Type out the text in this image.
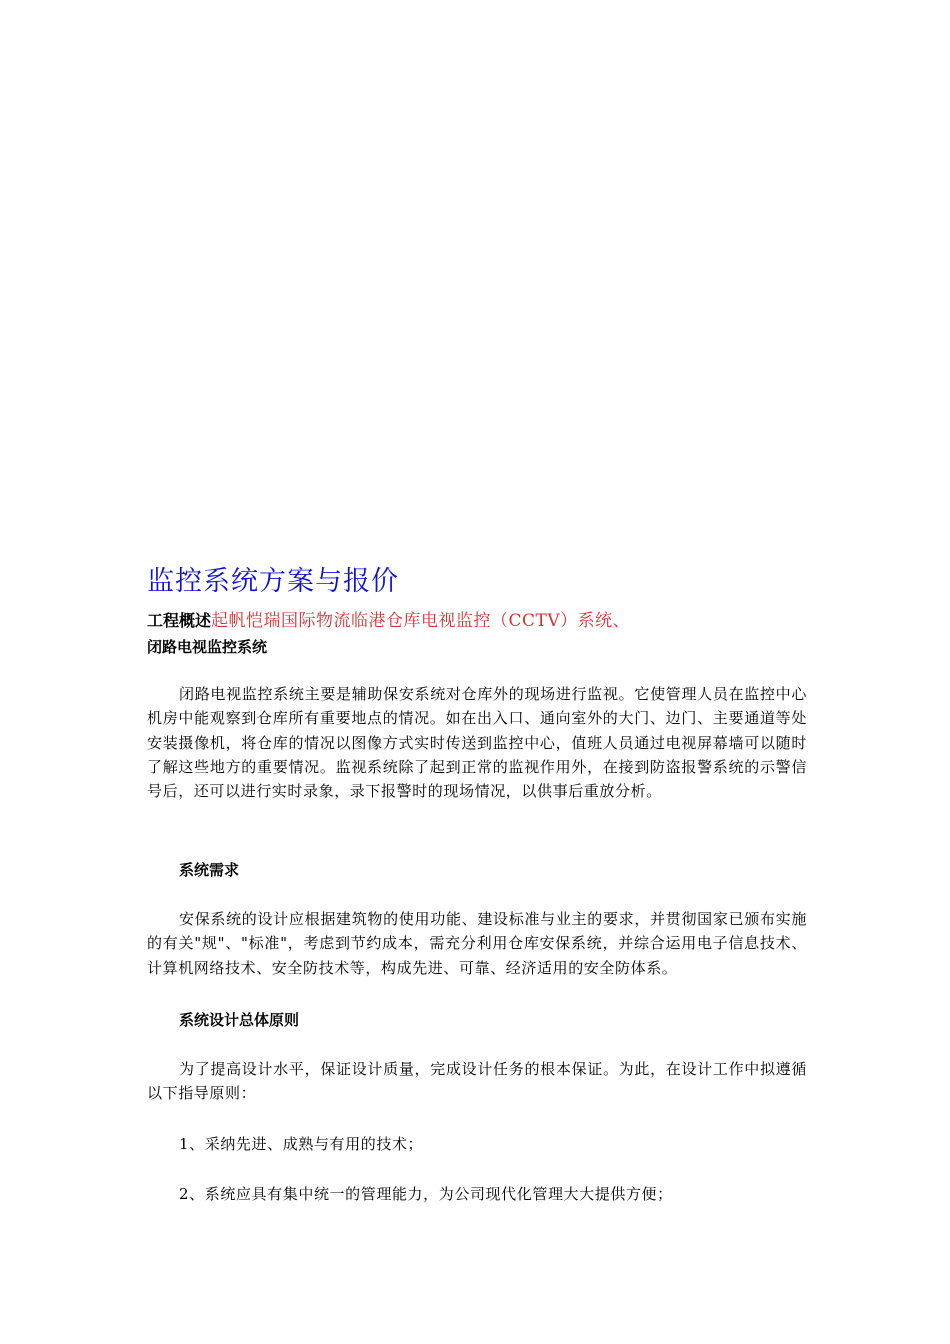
监控系统方案与报价
工程概述起帆恺瑞国际物流临港仓库电视监控（CCTV）系统、
闭路电视监控系统

闭路电视监控系统主要是辅助保安系统对仓库外的现场进行监视。它使管理人员在监控中心机房中能观察到仓库所有重要地点的情况。如在出入口、通向室外的大门、边门、主要通道等处安装摄像机，将仓库的情况以图像方式实时传送到监控中心，值班人员通过电视屏幕墙可以随时了解这些地方的重要情况。监视系统除了起到正常的监视作用外，在接到防盗报警系统的示警信号后，还可以进行实时录象，录下报警时的现场情况，以供事后重放分析。

系统需求

安保系统的设计应根据建筑物的使用功能、建设标准与业主的要求，并贯彻国家已颁布实施的有关"规"、"标准"，考虑到节约成本，需充分利用仓库安保系统，并综合运用电子信息技术、计算机网络技术、安全防技术等，构成先进、可靠、经济适用的安全防体系。

系统设计总体原则

为了提高设计水平，保证设计质量，完成设计任务的根本保证。为此，在设计工作中拟遵循以下指导原则：

1、采纳先进、成熟与有用的技术；

2、系统应具有集中统一的管理能力，为公司现代化管理大大提供方便；
